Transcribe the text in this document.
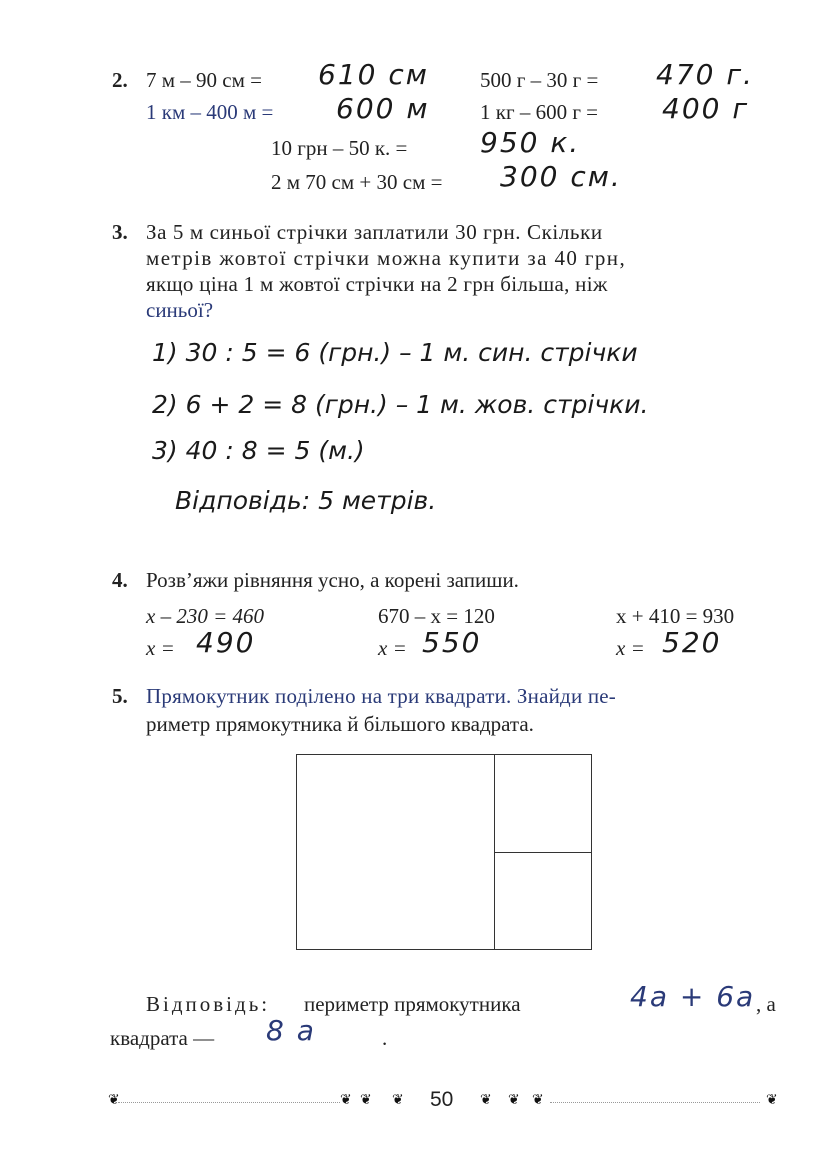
2. 7 м – 90 см = 610 см 500 г – 30 г = 470 г.
1 км – 400 м = 600 м 1 кг – 600 г = 400 г
10 грн – 50 к. =	950 к.
2 м 70 см + 30 см = 300 см.
3. За 5 м синьої стрічки заплатили 30 грн. Скільки
метрів жовтої стрічки можна купити за 40 грн,
якщо ціна 1 м жовтої стрічки на 2 грн більша, ніж
синьої?
1) 30 : 5 = 6 (грн.) – 1 м. син. стрічки
2) 6 + 2 = 8 (грн.) – 1 м. жов. стрічки.
3) 40 : 8 = 5 (м.)
Відповідь: 5 метрів.
4. Розв’яжи рівняння усно, а корені запиши.
x – 230 = 460	670 – x = 120	x + 410 = 930
x = 490	x = 550	x = 520
5. Прямокутник поділено на три квадрати. Знайди пе-
риметр прямокутника й більшого квадрата.
Відповідь: периметр прямокутника	4a + 6a , а
квадрата — 8 a	.
❦	❦ ❦ ❦ 50 ❦ ❦ ❦	❦
